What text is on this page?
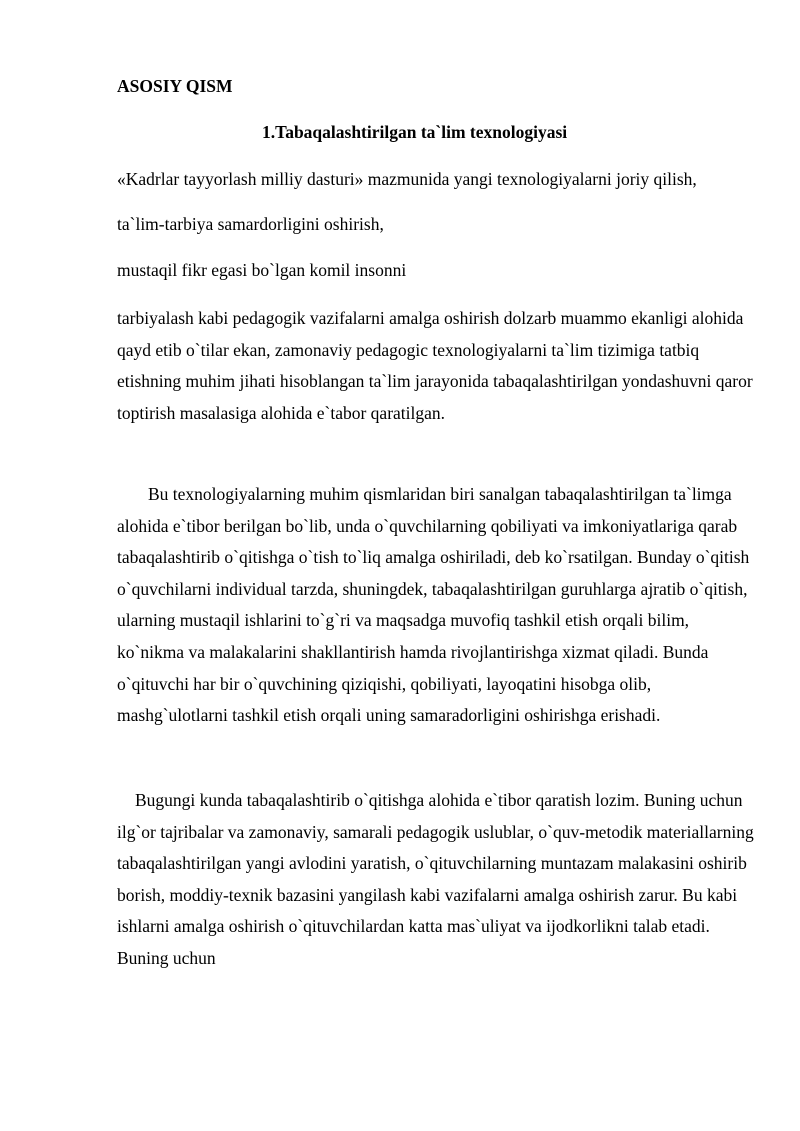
ASOSIY QISM
1.Tabaqalashtirilgan ta`lim texnologiyasi
«Kadrlar tayyorlash milliy dasturi» mazmunida yangi texnologiyalarni joriy qilish,
ta`lim-tarbiya samardorligini oshirish,
mustaqil fikr egasi bo`lgan komil insonni

tarbiyalash kabi pedagogik vazifalarni amalga oshirish dolzarb muammo ekanligi alohida qayd etib o`tilar ekan, zamonaviy pedagogic texnologiyalarni ta`lim tizimiga tatbiq etishning muhim jihati hisoblangan ta`lim jarayonida tabaqalashtirilgan yondashuvni qaror toptirish masalasiga alohida e`tabor qaratilgan.

Bu texnologiyalarning muhim qismlaridan biri sanalgan tabaqalashtirilgan ta`limga alohida e`tibor berilgan bo`lib, unda o`quvchilarning qobiliyati va imkoniyatlariga qarab tabaqalashtirib o`qitishga o`tish to`liq amalga oshiriladi, deb ko`rsatilgan. Bunday o`qitish o`quvchilarni individual tarzda, shuningdek, tabaqalashtirilgan guruhlarga ajratib o`qitish, ularning mustaqil ishlarini to`g`ri va maqsadga muvofiq tashkil etish orqali bilim, ko`nikma va malakalarini shakllantirish hamda rivojlantirishga xizmat qiladi. Bunda o`qituvchi har bir o`quvchining qiziqishi, qobiliyati, layoqatini hisobga olib, mashg`ulotlarni tashkil etish orqali uning samaradorligini oshirishga erishadi.

Bugungi kunda tabaqalashtirib o`qitishga alohida e`tibor qaratish lozim. Buning uchun ilg`or tajribalar va zamonaviy, samarali pedagogik uslublar, o`quv-metodik materiallarning tabaqalashtirilgan yangi avlodini yaratish, o`qituvchilarning muntazam malakasini oshirib borish, moddiy-texnik bazasini yangilash kabi vazifalarni amalga oshirish zarur. Bu kabi ishlarni amalga oshirish o`qituvchilardan katta mas`uliyat va ijodkorlikni talab etadi. Buning uchun
